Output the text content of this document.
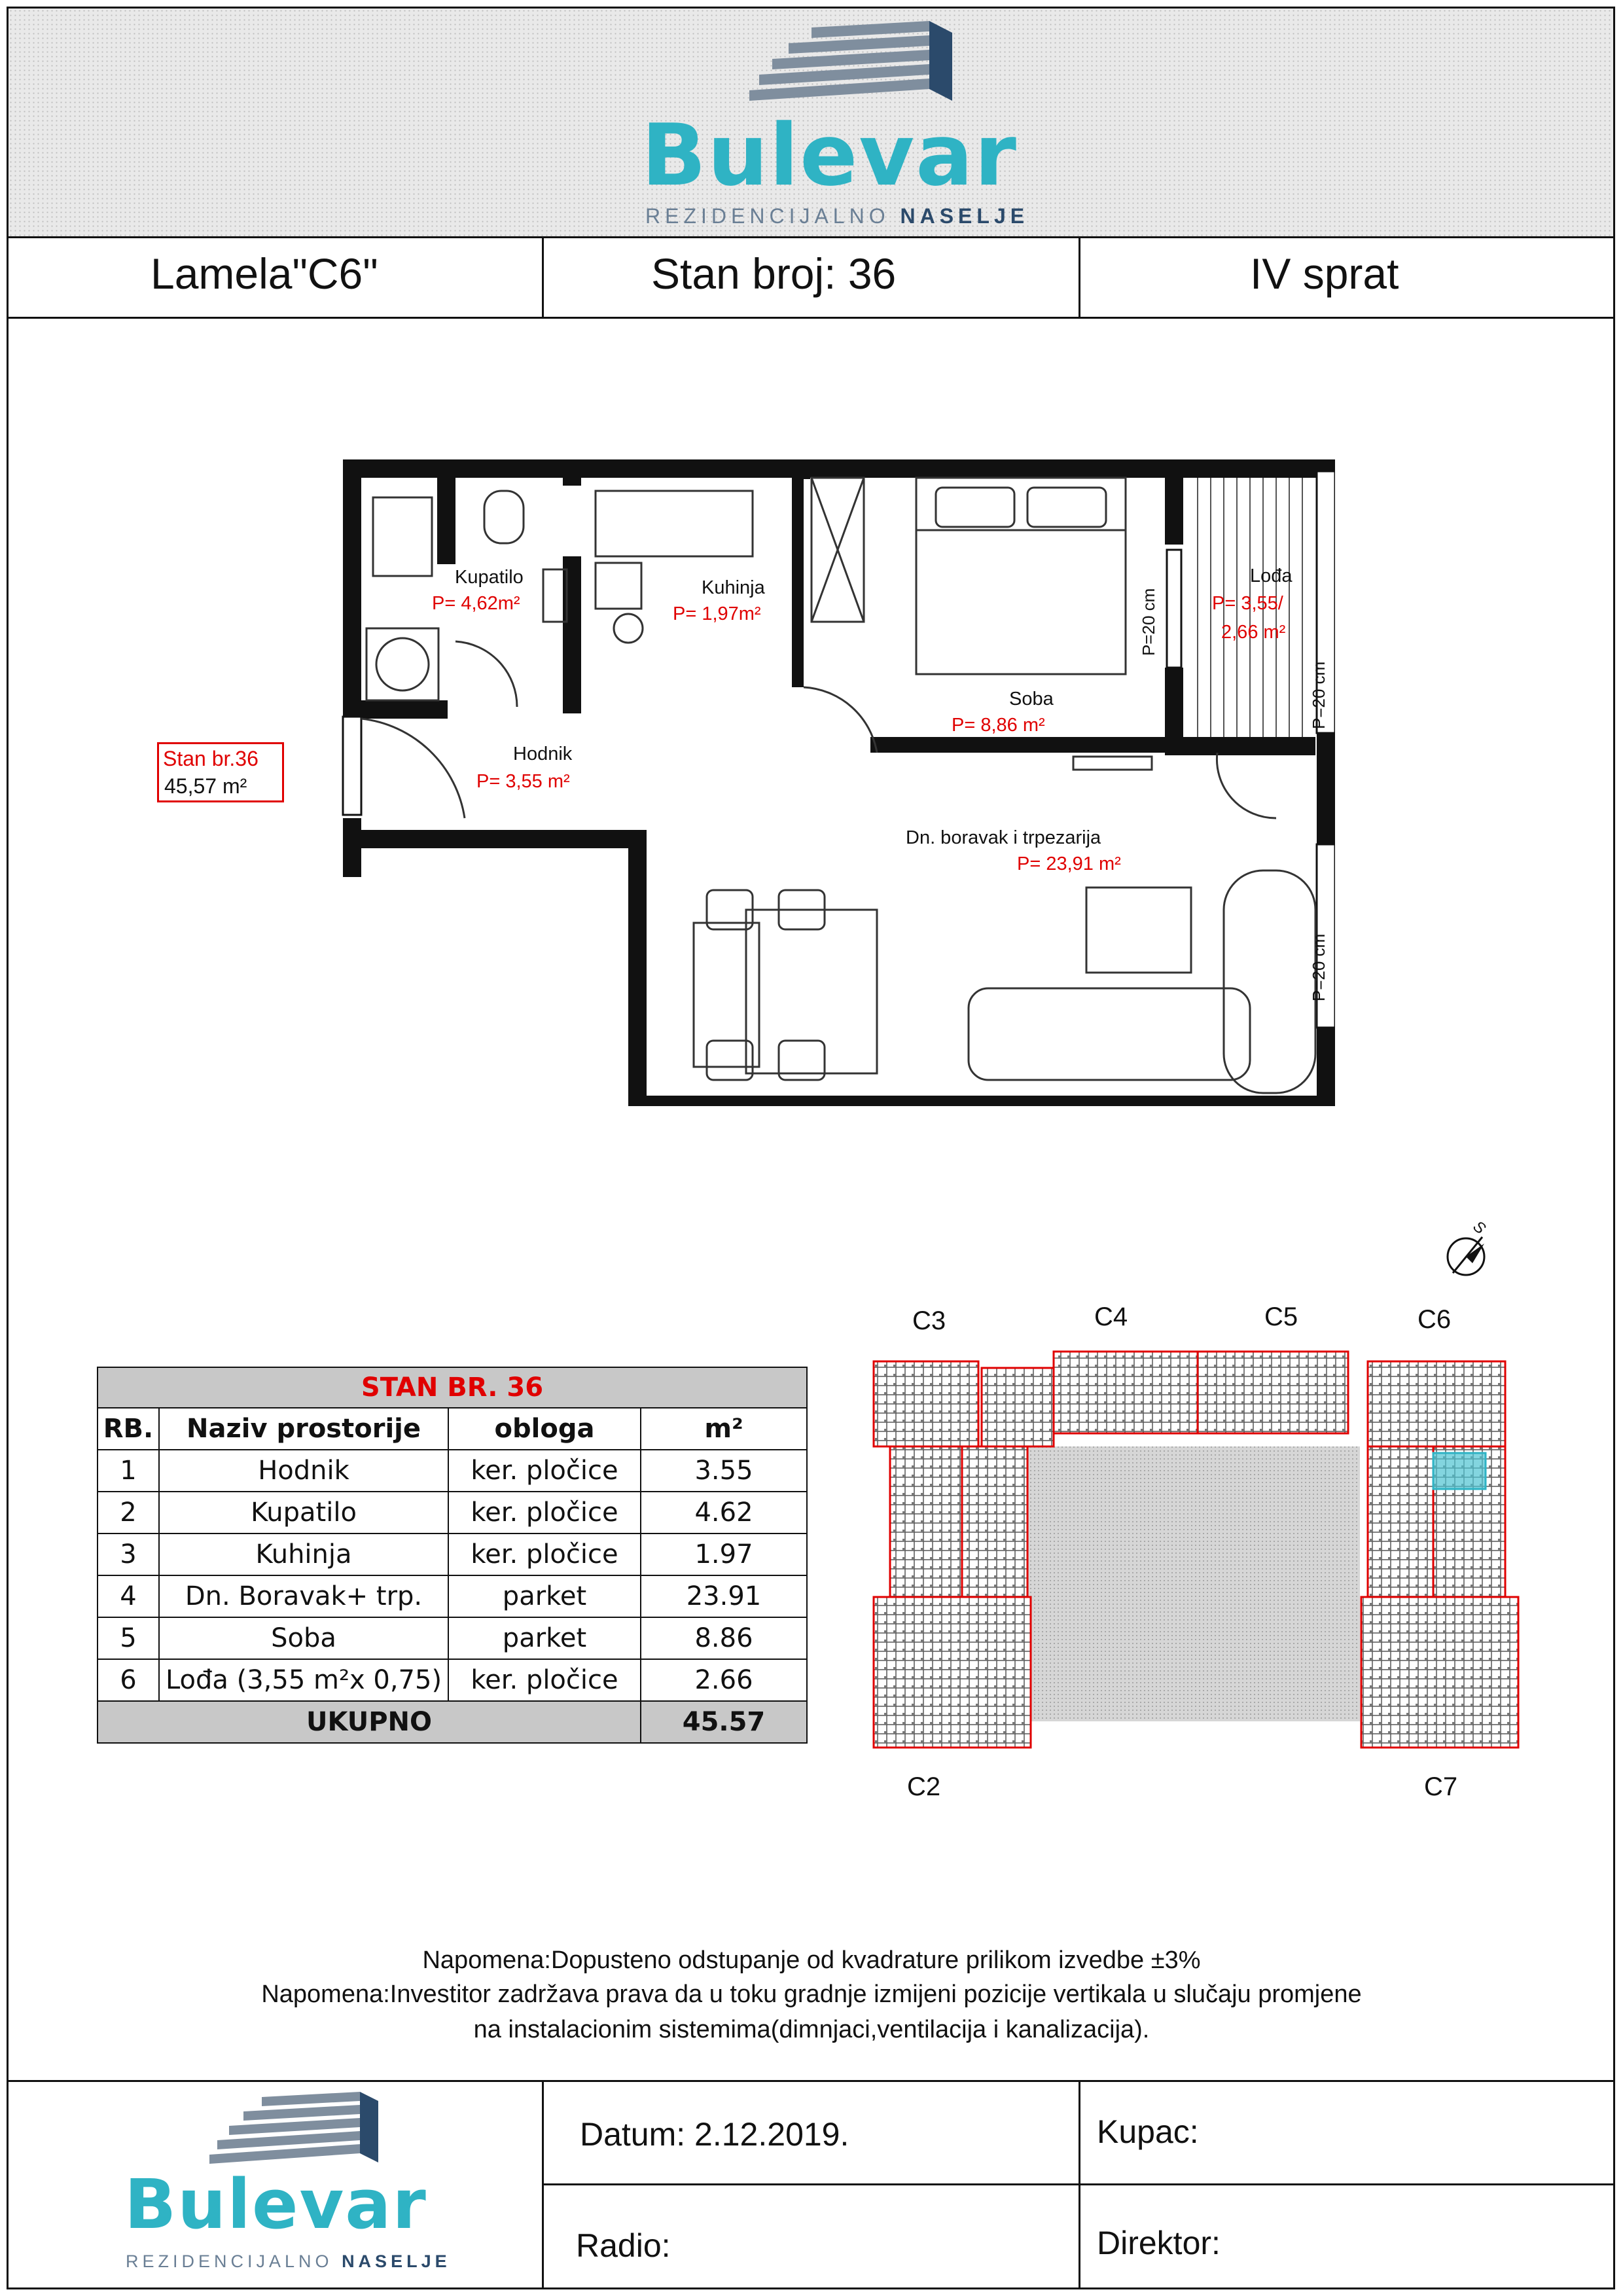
Bulevar
REZIDENCIJALNO NASELJE
Lamela"C6"	Stan broj: 36	IV sprat
Kupatilo
P= 4,62m²
Kuhinja
P= 1,97m²
Soba
P= 8,86 m²
Lođa
P= 3,55/
2,66 m²
Hodnik
P= 3,55 m²
Dn. boravak i trpezarija
P= 23,91 m²
P=20 cm
P=20 cm
P=20 cm
Stan br.36
45,57 m²
S
STAN BR. 36			
RB.	Naziv prostorije	obloga	m²
1	Hodnik	ker. pločice	3.55
2	Kupatilo	ker. pločice	4.62
3	Kuhinja	ker. pločice	1.97
4	Dn. Boravak+ trp.	parket	23.91
5	Soba	parket	8.86
6	Lođa (3,55 m²x 0,75)	ker. pločice	2.66
UKUPNO			45.57
C3	C4	C5	C6
C2	C7
Napomena:Dopusteno odstupanje od kvadrature prilikom izvedbe ±3%
Napomena:Investitor zadržava prava da u toku gradnje izmijeni pozicije vertikala u slučaju promjene
na instalacionim sistemima(dimnjaci,ventilacija i kanalizacija).
Bulevar
REZIDENCIJALNO NASELJE
Datum: 2.12.2019.	Kupac:
Radio:	Direktor:
